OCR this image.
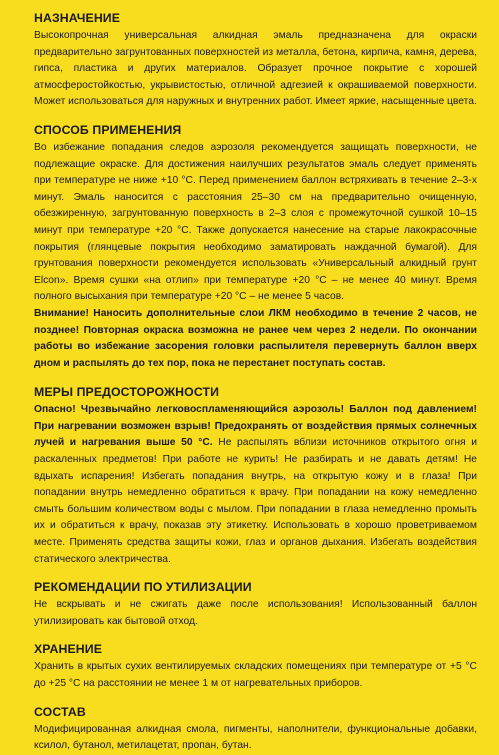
НАЗНАЧЕНИЕ

Высокопрочная универсальная алкидная эмаль предназначена для окраски предварительно загрунтованных поверхностей из металла, бетона, кирпича, камня, дерева, гипса, пластика и других материалов. Образует прочное покрытие с хорошей атмосферостойкостью, укрывистостью, отличной адгезией к окрашиваемой поверхности. Может использоваться для наружных и внутренних работ. Имеет яркие, насыщенные цвета.

СПОСОБ ПРИМЕНЕНИЯ

Во избежание попадания следов аэрозоля рекомендуется защищать поверхности, не подлежащие окраске. Для достижения наилучших результатов эмаль следует применять при температуре не ниже +10 °С. Перед применением баллон встряхивать в течение 2–3-х минут. Эмаль наносится с расстояния 25–30 см на предварительно очищенную, обезжиренную, загрунтованную поверхность в 2–3 слоя с промежуточной сушкой 10–15 минут при температуре +20 °С. Также допускается нанесение на старые лакокрасочные покрытия (глянцевые покрытия необходимо заматировать наждачной бумагой). Для грунтования поверхности рекомендуется использовать «Универсальный алкидный грунт Elcon». Время сушки «на отлип» при температуре +20 °С – не менее 40 минут. Время полного высыхания при температуре +20 °С – не менее 5 часов.

Внимание! Наносить дополнительные слои ЛКМ необходимо в течение 2 часов, не позднее! Повторная окраска возможна не ранее чем через 2 недели. По окончании работы во избежание засорения головки распылителя перевернуть баллон вверх дном и распылять до тех пор, пока не перестанет поступать состав.

МЕРЫ ПРЕДОСТОРОЖНОСТИ

Опасно! Чрезвычайно легковоспламеняющийся аэрозоль! Баллон под давлением! При нагревании возможен взрыв! Предохранять от воздействия прямых солнечных лучей и нагревания выше 50 °С. Не распылять вблизи источников открытого огня и раскаленных предметов! При работе не курить! Не разбирать и не давать детям! Не вдыхать испарения! Избегать попадания внутрь, на открытую кожу и в глаза! При попадании внутрь немедленно обратиться к врачу. При попадании на кожу немедленно смыть большим количеством воды с мылом. При попадании в глаза немедленно промыть их и обратиться к врачу, показав эту этикетку. Использовать в хорошо проветриваемом месте. Применять средства защиты кожи, глаз и органов дыхания. Избегать воздействия статического электричества.

РЕКОМЕНДАЦИИ ПО УТИЛИЗАЦИИ

Не вскрывать и не сжигать даже после использования! Использованный баллон утилизировать как бытовой отход.

ХРАНЕНИЕ

Хранить в крытых сухих вентилируемых складских помещениях при температуре от +5 °С до +25 °С на расстоянии не менее 1 м от нагревательных приборов.

СОСТАВ

Модифицированная алкидная смола, пигменты, наполнители, функциональные добавки, ксилол, бутанол, метилацетат, пропан, бутан.
